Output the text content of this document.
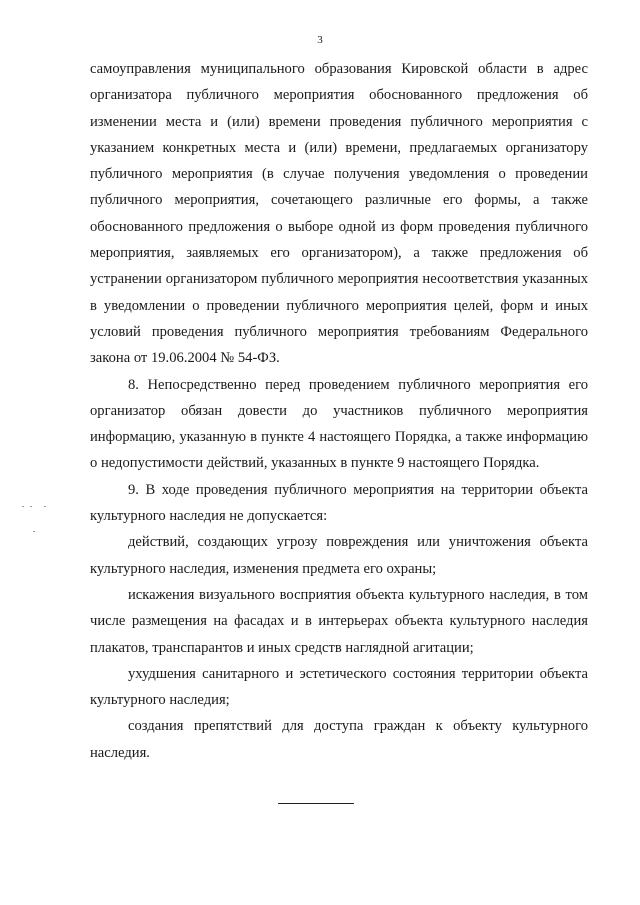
3

самоуправления муниципального образования Кировской области в адрес организатора публичного мероприятия обоснованного предложения об изменении места и (или) времени проведения публичного мероприятия с указанием конкретных места и (или) времени, предлагаемых организатору публичного мероприятия (в случае получения уведомления о проведении публичного мероприятия, сочетающего различные его формы, а также обоснованного предложения о выборе одной из форм проведения публичного мероприятия, заявляемых его организатором), а также предложения об устранении организатором публичного мероприятия несоответствия указанных в уведомлении о проведении публичного мероприятия целей, форм и иных условий проведения публичного мероприятия требованиям Федерального закона от 19.06.2004 № 54-ФЗ.

8. Непосредственно перед проведением публичного мероприятия его организатор обязан довести до участников публичного мероприятия информацию, указанную в пункте 4 настоящего Порядка, а также информацию о недопустимости действий, указанных в пункте 9 настоящего Порядка.

9. В ходе проведения публичного мероприятия на территории объекта культурного наследия не допускается:

действий, создающих угрозу повреждения или уничтожения объекта культурного наследия, изменения предмета его охраны;

искажения визуального восприятия объекта культурного наследия, в том числе размещения на фасадах и в интерьерах объекта культурного наследия плакатов, транспарантов и иных средств наглядной агитации;

ухудшения санитарного и эстетического состояния территории объекта культурного наследия;

создания препятствий для доступа граждан к объекту культурного наследия.
